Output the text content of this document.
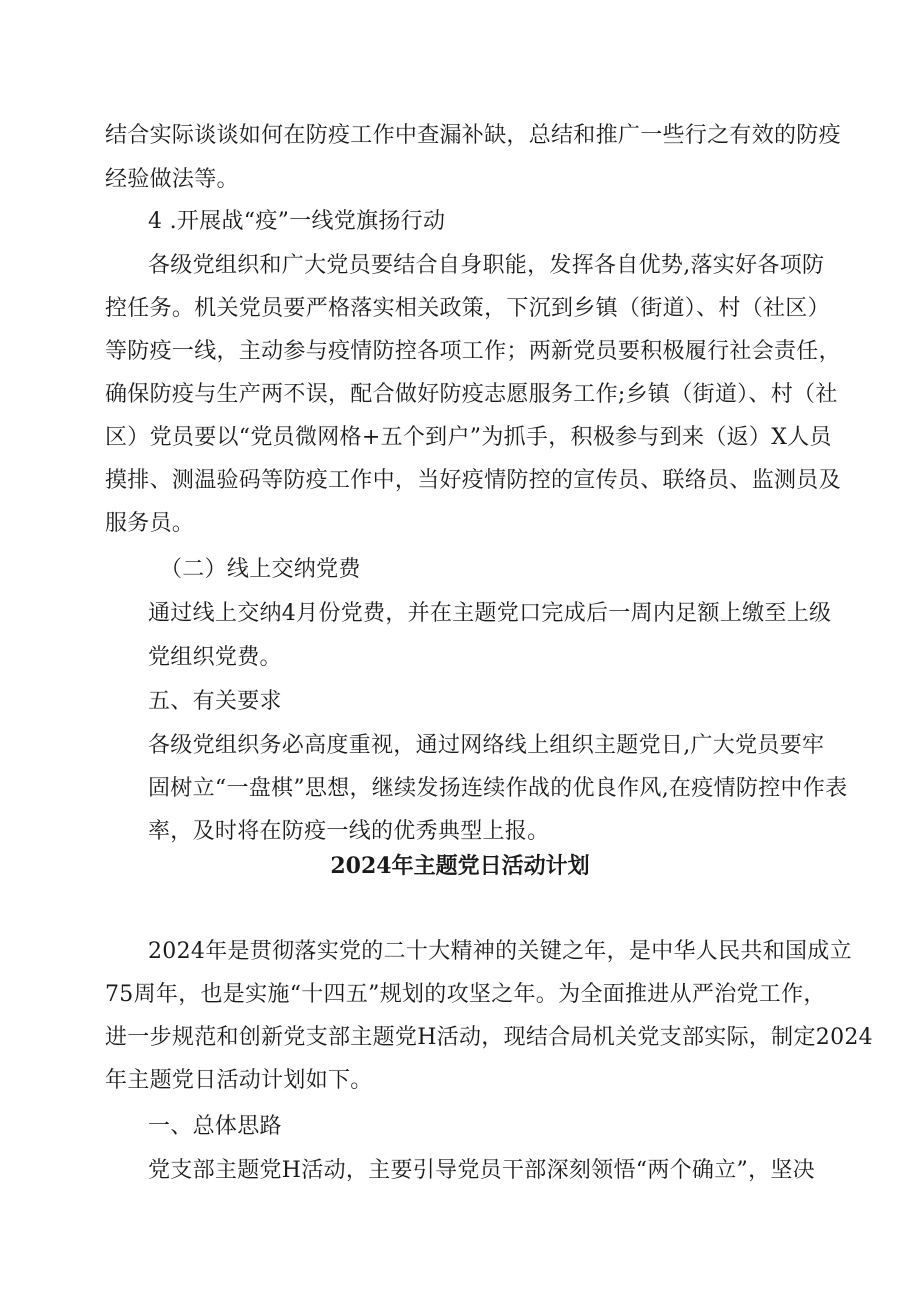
结合实际谈谈如何在防疫工作中查漏补缺，总结和推广一些行之有效的防疫
经验做法等。
4 .开展战“疫”一线党旗扬行动
各级党组织和广大党员要结合自身职能，发挥各自优势,落实好各项防
控任务。机关党员要严格落实相关政策，下沉到乡镇（街道）、村（社区）
等防疫一线，主动参与疫情防控各项工作；两新党员要积极履行社会责任，
确保防疫与生产两不误，配合做好防疫志愿服务工作;乡镇（街道）、村（社
区）党员要以“党员微网格+五个到户”为抓手，积极参与到来（返）X人员
摸排、测温验码等防疫工作中，当好疫情防控的宣传员、联络员、监测员及
服务员。
（二）线上交纳党费
通过线上交纳4月份党费，并在主题党口完成后一周内足额上缴至上级
党组织党费。
五、有关要求
各级党组织务必高度重视，通过网络线上组织主题党日,广大党员要牢
固树立“一盘棋”思想，继续发扬连续作战的优良作风,在疫情防控中作表
率，及时将在防疫一线的优秀典型上报。
2024年主题党日活动计划
2024年是贯彻落实党的二十大精神的关键之年，是中华人民共和国成立
75周年，也是实施“十四五”规划的攻坚之年。为全面推进从严治党工作，
进一步规范和创新党支部主题党H活动，现结合局机关党支部实际，制定2024
年主题党日活动计划如下。
一、总体思路
党支部主题党H活动，主要引导党员干部深刻领悟“两个确立”，坚决
